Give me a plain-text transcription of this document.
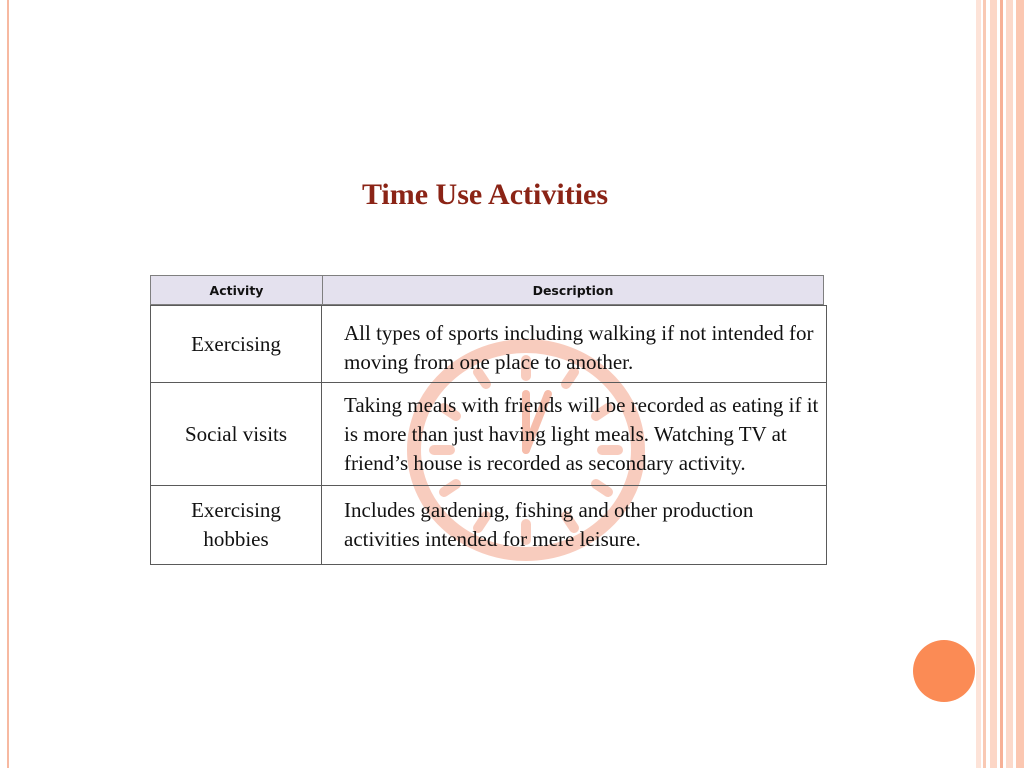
Time Use Activities
Activity	Description
Exercising	All types of sports including walking if not intended for moving from one place to another.
Social visits
Taking meals with friends will be recorded as eating if it is more than just having light meals. Watching TV at friend’s house is recorded as secondary activity.
Exercising hobbies
Includes gardening, fishing and other production activities intended for mere leisure.
